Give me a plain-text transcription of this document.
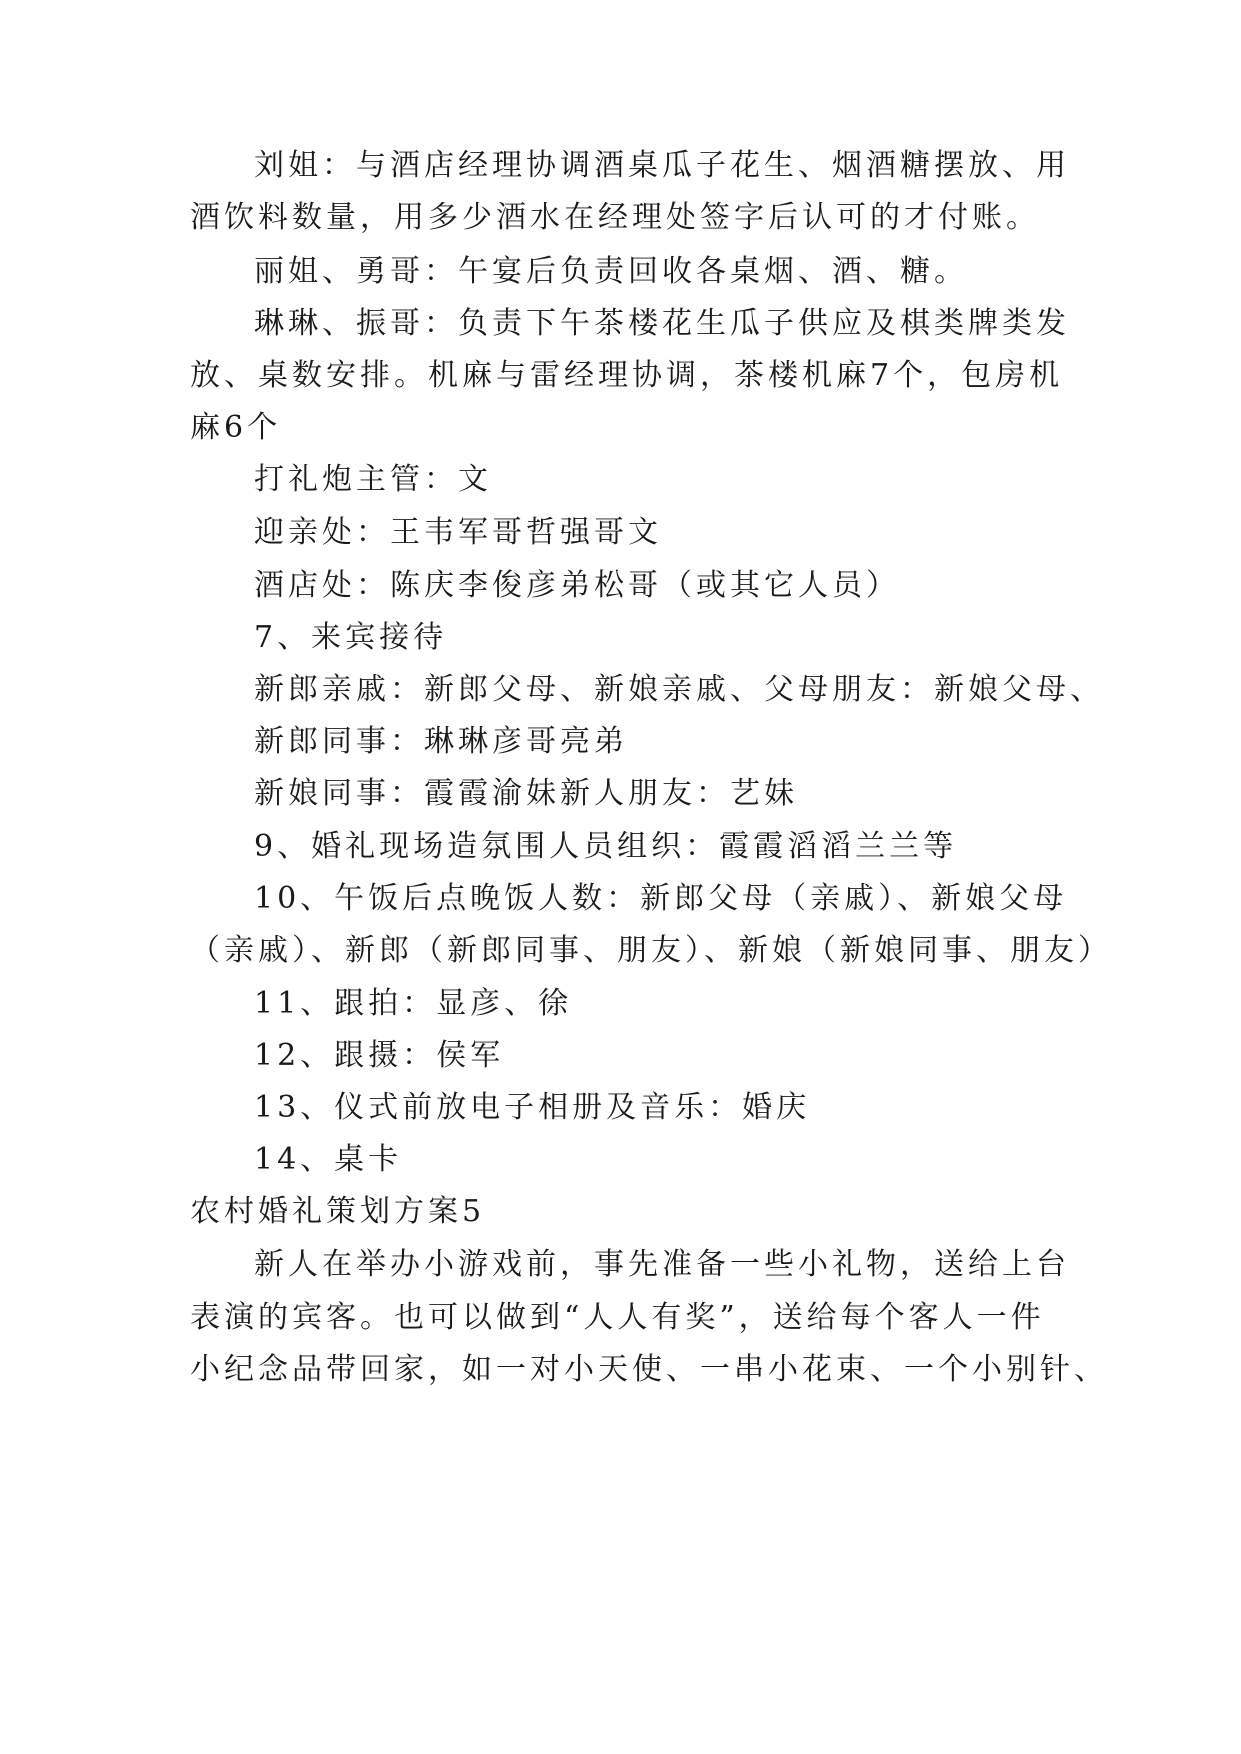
刘姐：与酒店经理协调酒桌瓜子花生、烟酒糖摆放、用
酒饮料数量，用多少酒水在经理处签字后认可的才付账。
丽姐、勇哥：午宴后负责回收各桌烟、酒、糖。
琳琳、振哥：负责下午茶楼花生瓜子供应及棋类牌类发
放、桌数安排。机麻与雷经理协调，茶楼机麻7个，包房机
麻6个
打礼炮主管：文
迎亲处：王韦军哥哲强哥文
酒店处：陈庆李俊彦弟松哥（或其它人员）
7、来宾接待
新郎亲戚：新郎父母、新娘亲戚、父母朋友：新娘父母、
新郎同事：琳琳彦哥亮弟
新娘同事：霞霞渝妹新人朋友：艺妹
9、婚礼现场造氛围人员组织：霞霞滔滔兰兰等
10、午饭后点晚饭人数：新郎父母（亲戚）、新娘父母
（亲戚）、新郎（新郎同事、朋友）、新娘（新娘同事、朋友）
11、跟拍：显彦、徐
12、跟摄：侯军
13、仪式前放电子相册及音乐：婚庆
14、桌卡
农村婚礼策划方案5
新人在举办小游戏前，事先准备一些小礼物，送给上台
表演的宾客。也可以做到“人人有奖”，送给每个客人一件
小纪念品带回家，如一对小天使、一串小花束、一个小别针、
